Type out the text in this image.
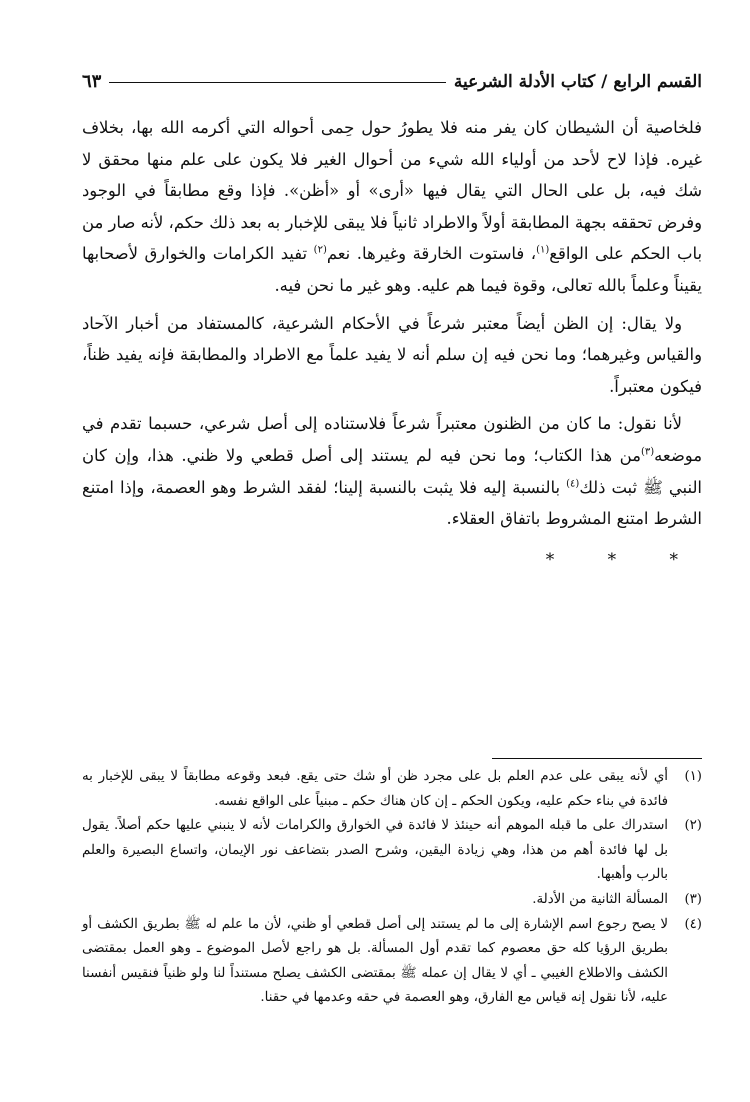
القسم الرابع / كتاب الأدلة الشرعية
٦٣

فلخاصية أن الشيطان كان يفر منه فلا يطورُ حول حِمى أحواله التي أكرمه الله بها، بخلاف غيره. فإذا لاح لأحد من أولياء الله شيء من أحوال الغير فلا يكون على علم منها محقق لا شك فيه، بل على الحال التي يقال فيها «أرى» أو «أظن». فإذا وقع مطابقاً في الوجود وفرض تحققه بجهة المطابقة أولاً والاطراد ثانياً فلا يبقى للإخبار به بعد ذلك حكم، لأنه صار من باب الحكم على الواقع$^{(١)}$، فاستوت الخارقة وغيرها. نعم$^{(٢)}$ تفيد الكرامات والخوارق لأصحابها يقيناً وعلماً بالله تعالى، وقوة فيما هم عليه. وهو غير ما نحن فيه.

ولا يقال: إن الظن أيضاً معتبر شرعاً في الأحكام الشرعية، كالمستفاد من أخبار الآحاد والقياس وغيرهما؛ وما نحن فيه إن سلم أنه لا يفيد علماً مع الاطراد والمطابقة فإنه يفيد ظناً، فيكون معتبراً.

لأنا نقول: ما كان من الظنون معتبراً شرعاً فلاستناده إلى أصل شرعي، حسبما تقدم في موضعه$^{(٣)}$من هذا الكتاب؛ وما نحن فيه لم يستند إلى أصل قطعي ولا ظني. هذا، وإن كان النبي ﷺ ثبت ذلك$^{(٤)}$ بالنسبة إليه فلا يثبت بالنسبة إلينا؛ لفقد الشرط وهو العصمة، وإذا امتنع الشرط امتنع المشروط باتفاق العقلاء.

* * *
(١)
أي لأنه يبقى على عدم العلم بل على مجرد ظن أو شك حتى يقع. فبعد وقوعه مطابقاً لا يبقى للإخبار به فائدة في بناء حكم عليه، ويكون الحكم ـ إن كان هناك حكم ـ مبنياً على الواقع نفسه.
(٢)
استدراك على ما قبله الموهم أنه حينئذ لا فائدة في الخوارق والكرامات لأنه لا ينبني عليها حكم أصلاً. يقول بل لها فائدة أهم من هذا، وهي زيادة اليقين، وشرح الصدر بتضاعف نور الإيمان، واتساع البصيرة والعلم بالرب وأهبها.
(٣)
المسألة الثانية من الأدلة.
(٤)
لا يصح رجوع اسم الإشارة إلى ما لم يستند إلى أصل قطعي أو ظني، لأن ما علم له ﷺ بطريق الكشف أو بطريق الرؤيا كله حق معصوم كما تقدم أول المسألة. بل هو راجع لأصل الموضوع ـ وهو العمل بمقتضى الكشف والاطلاع الغيبي ـ أي لا يقال إن عمله ﷺ بمقتضى الكشف يصلح مستنداً لنا ولو ظنياً فنقيس أنفسنا عليه، لأنا نقول إنه قياس مع الفارق، وهو العصمة في حقه وعدمها في حقنا.
